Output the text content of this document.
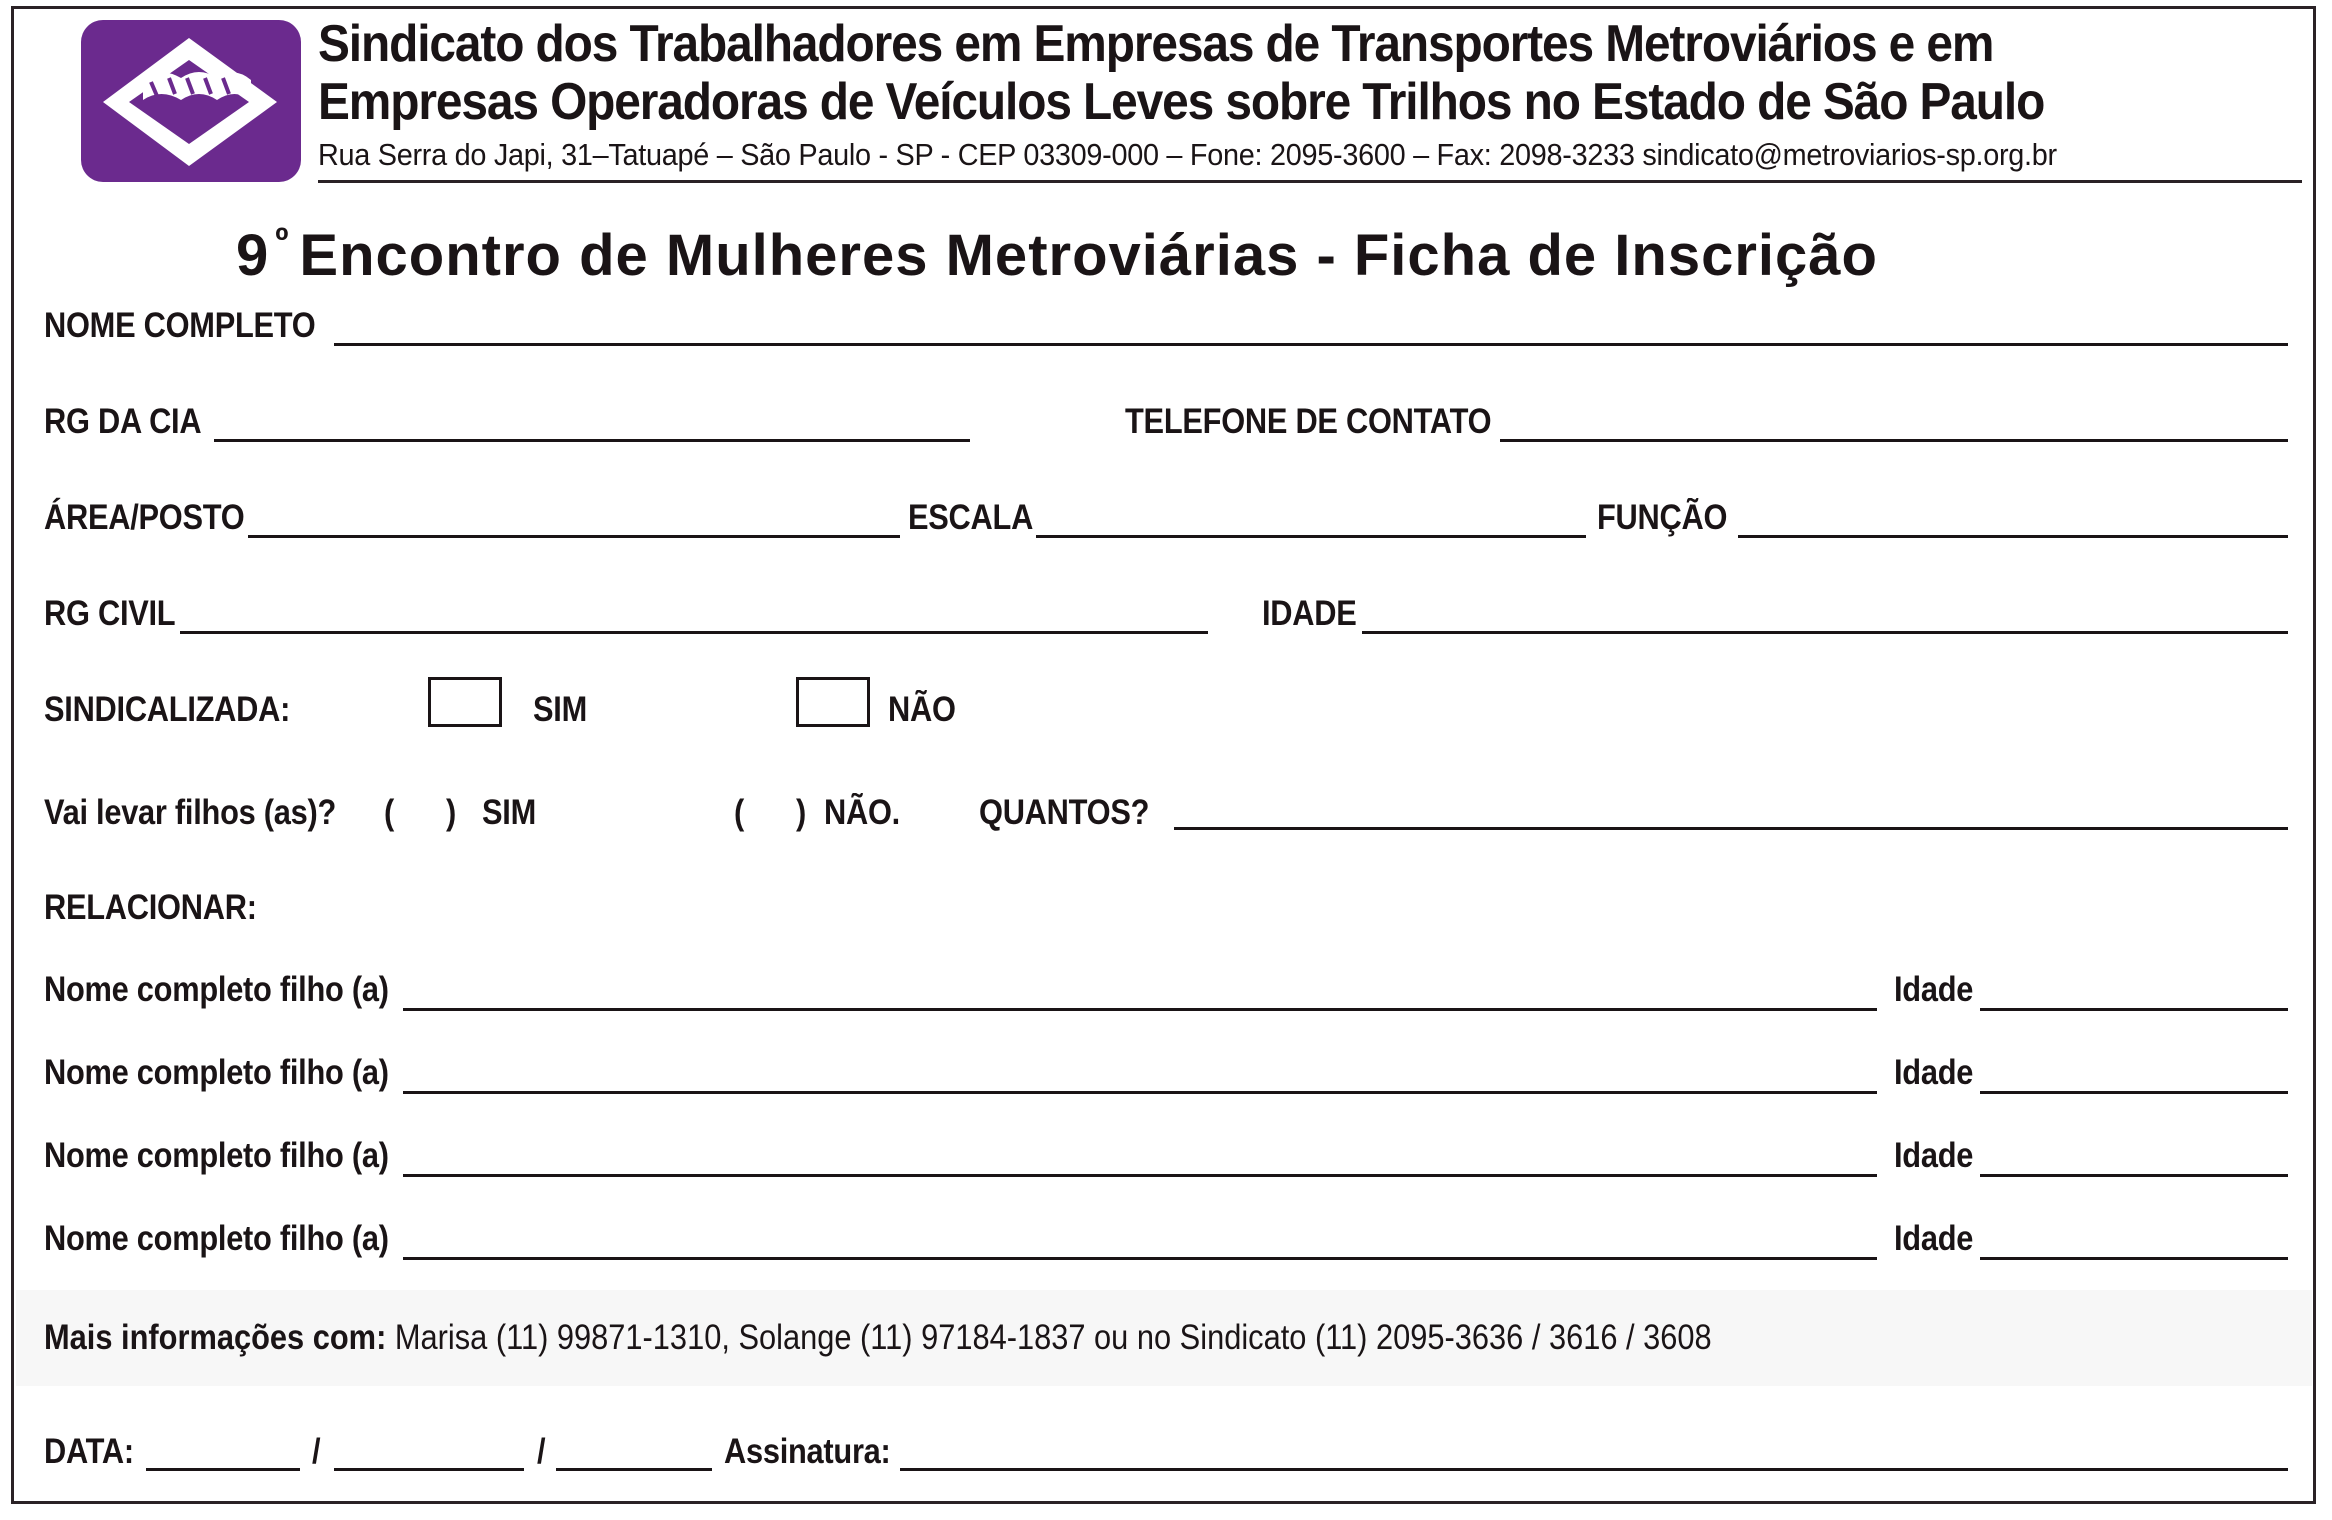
Sindicato dos Trabalhadores em Empresas de Transportes Metroviários e em
Empresas Operadoras de Veículos Leves sobre Trilhos no Estado de São Paulo
Rua Serra do Japi, 31–Tatuapé – São Paulo - SP - CEP 03309-000 – Fone: 2095-3600 – Fax: 2098-3233 sindicato@metroviarios-sp.org.br
9 $^º$ Encontro de Mulheres Metroviárias - Ficha de Inscrição
NOME COMPLETO
RG DA CIA	TELEFONE DE CONTATO
ÁREA/POSTO	ESCALA	FUNÇÃO
RG CIVIL	IDADE
SINDICALIZADA:	SIM	NÃO
Vai levar filhos (as)? ( ) SIM	( ) NÃO. QUANTOS?
RELACIONAR:
Nome completo filho (a)	Idade
Nome completo filho (a)	Idade
Nome completo filho (a)	Idade
Nome completo filho (a)	Idade
Mais informações com: Marisa (11) 99871-1310, Solange (11) 97184-1837 ou no Sindicato (11) 2095-3636 / 3616 / 3608
DATA:	/	/	Assinatura:
